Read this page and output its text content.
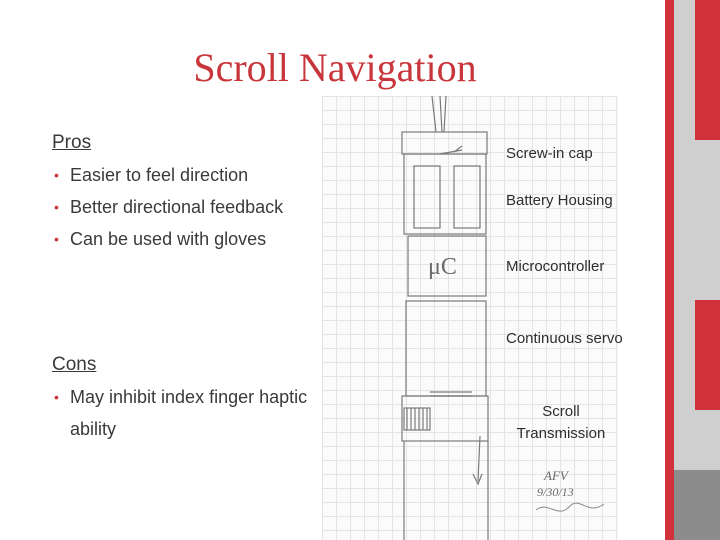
Scroll Navigation
Pros
• Easier to feel direction
• Better directional feedback
• Can be used with gloves
Cons
• May inhibit index finger haptic ability
μC
AFV
9/30/13
Screw-in cap
Battery Housing
Microcontroller
Continuous servo
Scroll Transmission
